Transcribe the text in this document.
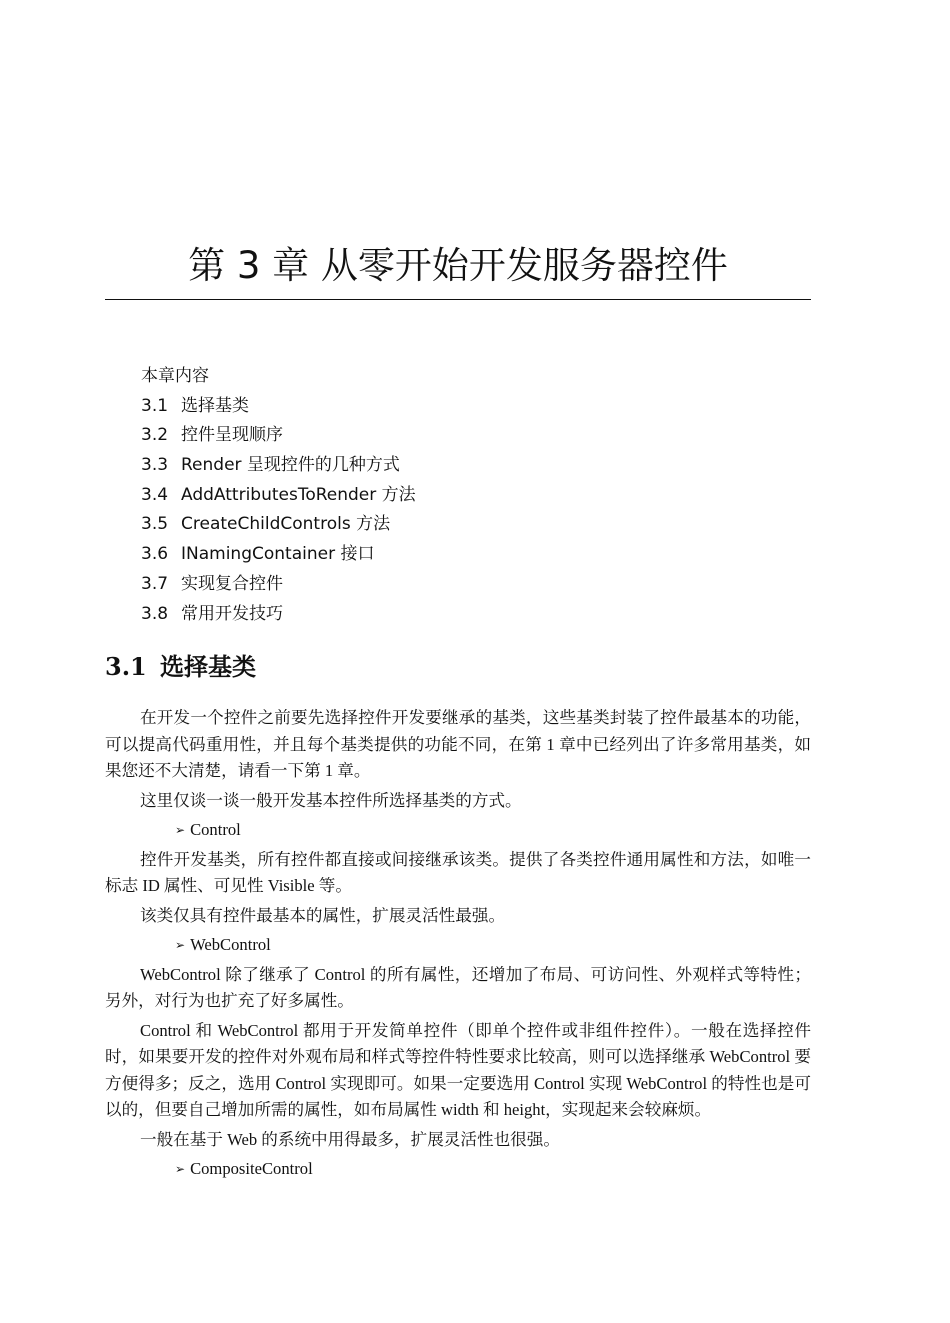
第 3 章 从零开始开发服务器控件
本章内容
3.1 选择基类
3.2 控件呈现顺序
3.3 Render 呈现控件的几种方式
3.4 AddAttributesToRender 方法
3.5 CreateChildControls 方法
3.6 INamingContainer 接口
3.7 实现复合控件
3.8 常用开发技巧
3.1 选择基类

在开发一个控件之前要先选择控件开发要继承的基类，这些基类封装了控件最基本的功能，可以提高代码重用性，并且每个基类提供的功能不同，在第 1 章中已经列出了许多常用基类，如果您还不大清楚，请看一下第 1 章。

这里仅谈一谈一般开发基本控件所选择基类的方式。

➢ Control

控件开发基类，所有控件都直接或间接继承该类。提供了各类控件通用属性和方法，如唯一标志 ID 属性、可见性 Visible 等。

该类仅具有控件最基本的属性，扩展灵活性最强。

➢ WebControl

WebControl 除了继承了 Control 的所有属性，还增加了布局、可访问性、外观样式等特性；另外，对行为也扩充了好多属性。

Control 和 WebControl 都用于开发简单控件（即单个控件或非组件控件）。一般在选择控件时，如果要开发的控件对外观布局和样式等控件特性要求比较高，则可以选择继承 WebControl 要方便得多；反之，选用 Control 实现即可。如果一定要选用 Control 实现 WebControl 的特性也是可以的，但要自己增加所需的属性，如布局属性 width 和 height，实现起来会较麻烦。

一般在基于 Web 的系统中用得最多，扩展灵活性也很强。

➢ CompositeControl
